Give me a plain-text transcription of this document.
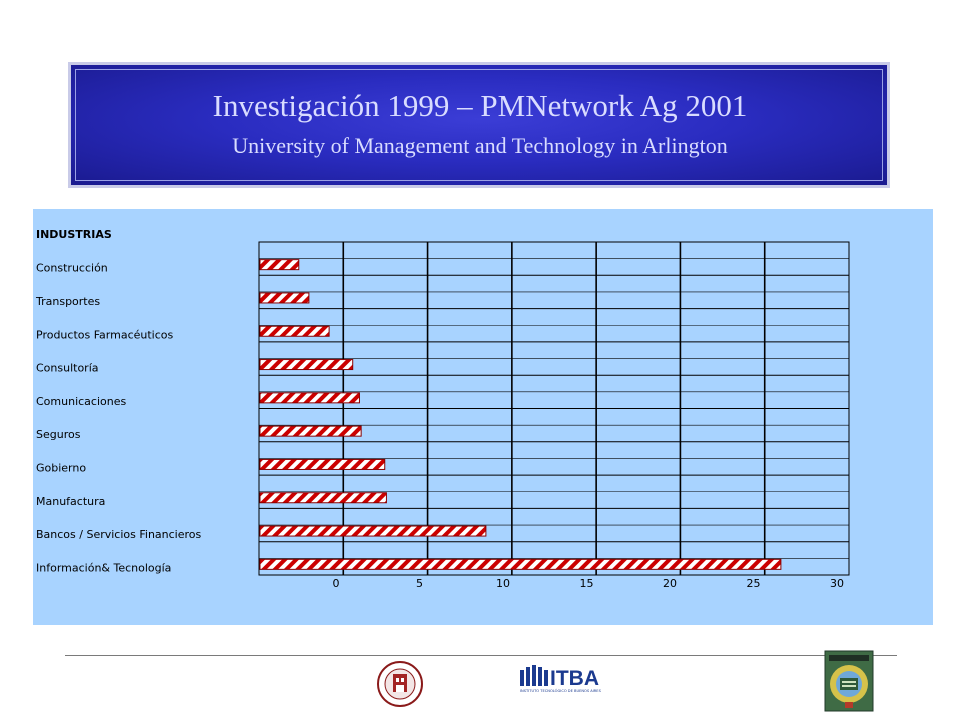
Investigación 1999 – PMNetwork Ag 2001
University of Management and Technology in Arlington
INDUSTRIAS
Construcción
Transportes
Productos Farmacéuticos
Consultoría
Comunicaciones
Seguros
Gobierno
Manufactura
Bancos / Servicios Financieros
Información& Tecnología
0	5	10	15	20	25	30
ITBA
INSTITUTO TECNOLÓGICO DE BUENOS AIRES
